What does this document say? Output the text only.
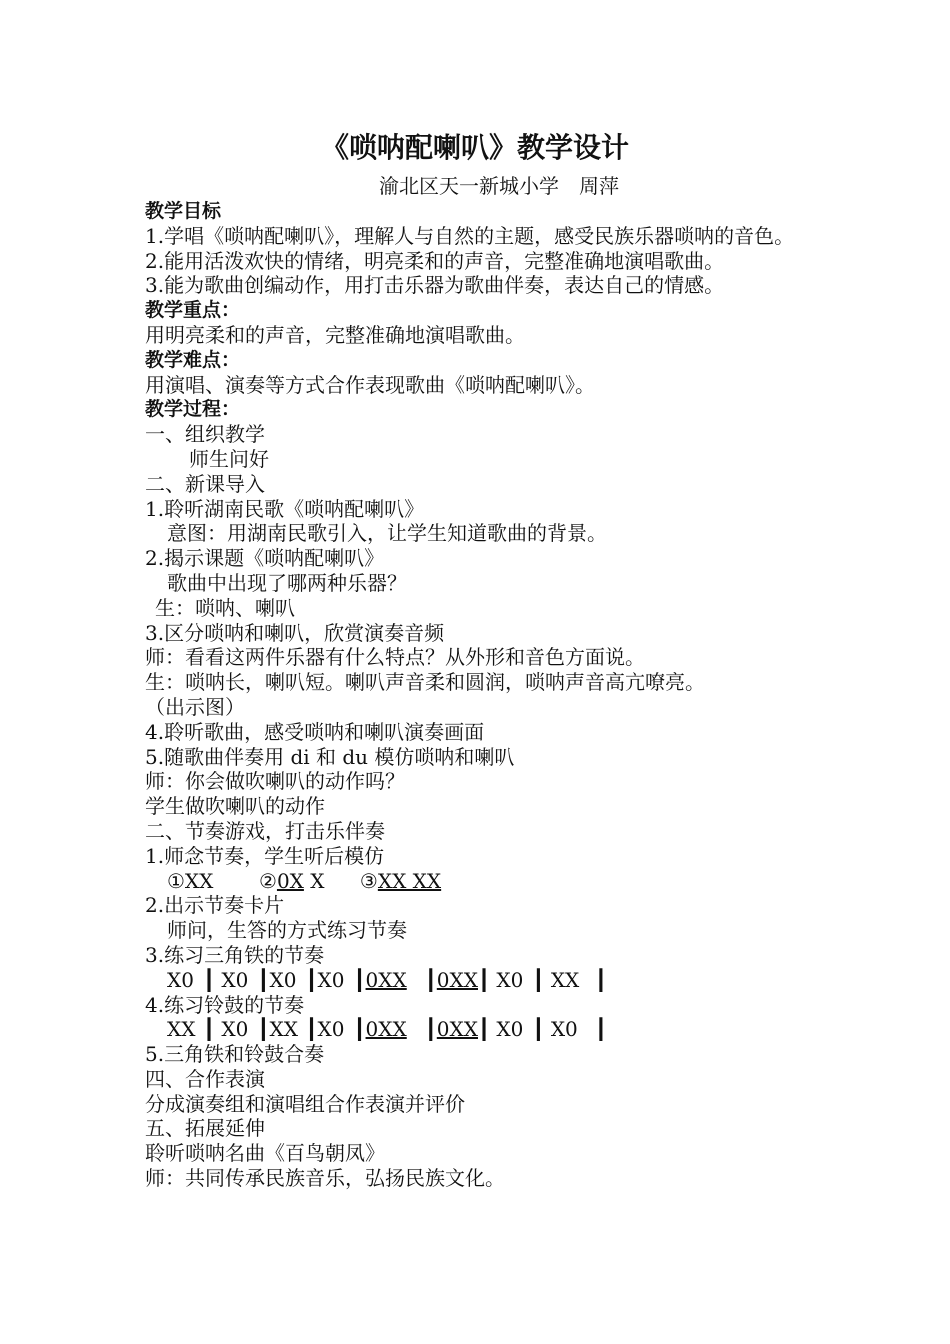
《唢呐配喇叭》教学设计
渝北区天一新城小学　周萍
教学目标
1.学唱《唢呐配喇叭》，理解人与自然的主题，感受民族乐器唢呐的音色。
2.能用活泼欢快的情绪，明亮柔和的声音，完整准确地演唱歌曲。
3.能为歌曲创编动作，用打击乐器为歌曲伴奏，表达自己的情感。
教学重点：
用明亮柔和的声音，完整准确地演唱歌曲。
教学难点：
用演唱、演奏等方式合作表现歌曲《唢呐配喇叭》。
教学过程：
一、组织教学
师生问好
二、新课导入
1.聆听湖南民歌《唢呐配喇叭》
意图：用湖南民歌引入，让学生知道歌曲的背景。
2.揭示课题《唢呐配喇叭》
歌曲中出现了哪两种乐器？
生：唢呐、喇叭
3.区分唢呐和喇叭，欣赏演奏音频
师：看看这两件乐器有什么特点？从外形和音色方面说。
生：唢呐长，喇叭短。喇叭声音柔和圆润，唢呐声音高亢嘹亮。
（出示图）
4.聆听歌曲，感受唢呐和喇叭演奏画面
5.随歌曲伴奏用 di 和 du 模仿唢呐和喇叭
师：你会做吹喇叭的动作吗？
学生做吹喇叭的动作
二、节奏游戏，打击乐伴奏
1.师念节奏，学生听后模仿
①XX ②0X X ③XX XX
2.出示节奏卡片
师问，生答的方式练习节奏
3.练习三角铁的节奏
X0 ┃ X0 ┃X0 ┃X0 ┃0XX ┃0XX┃ X0 ┃ XX ┃
4.练习铃鼓的节奏
XX ┃ X0 ┃XX ┃X0 ┃0XX ┃0XX┃ X0 ┃ X0 ┃
5.三角铁和铃鼓合奏
四、合作表演
分成演奏组和演唱组合作表演并评价
五、拓展延伸
聆听唢呐名曲《百鸟朝凤》
师：共同传承民族音乐，弘扬民族文化。
